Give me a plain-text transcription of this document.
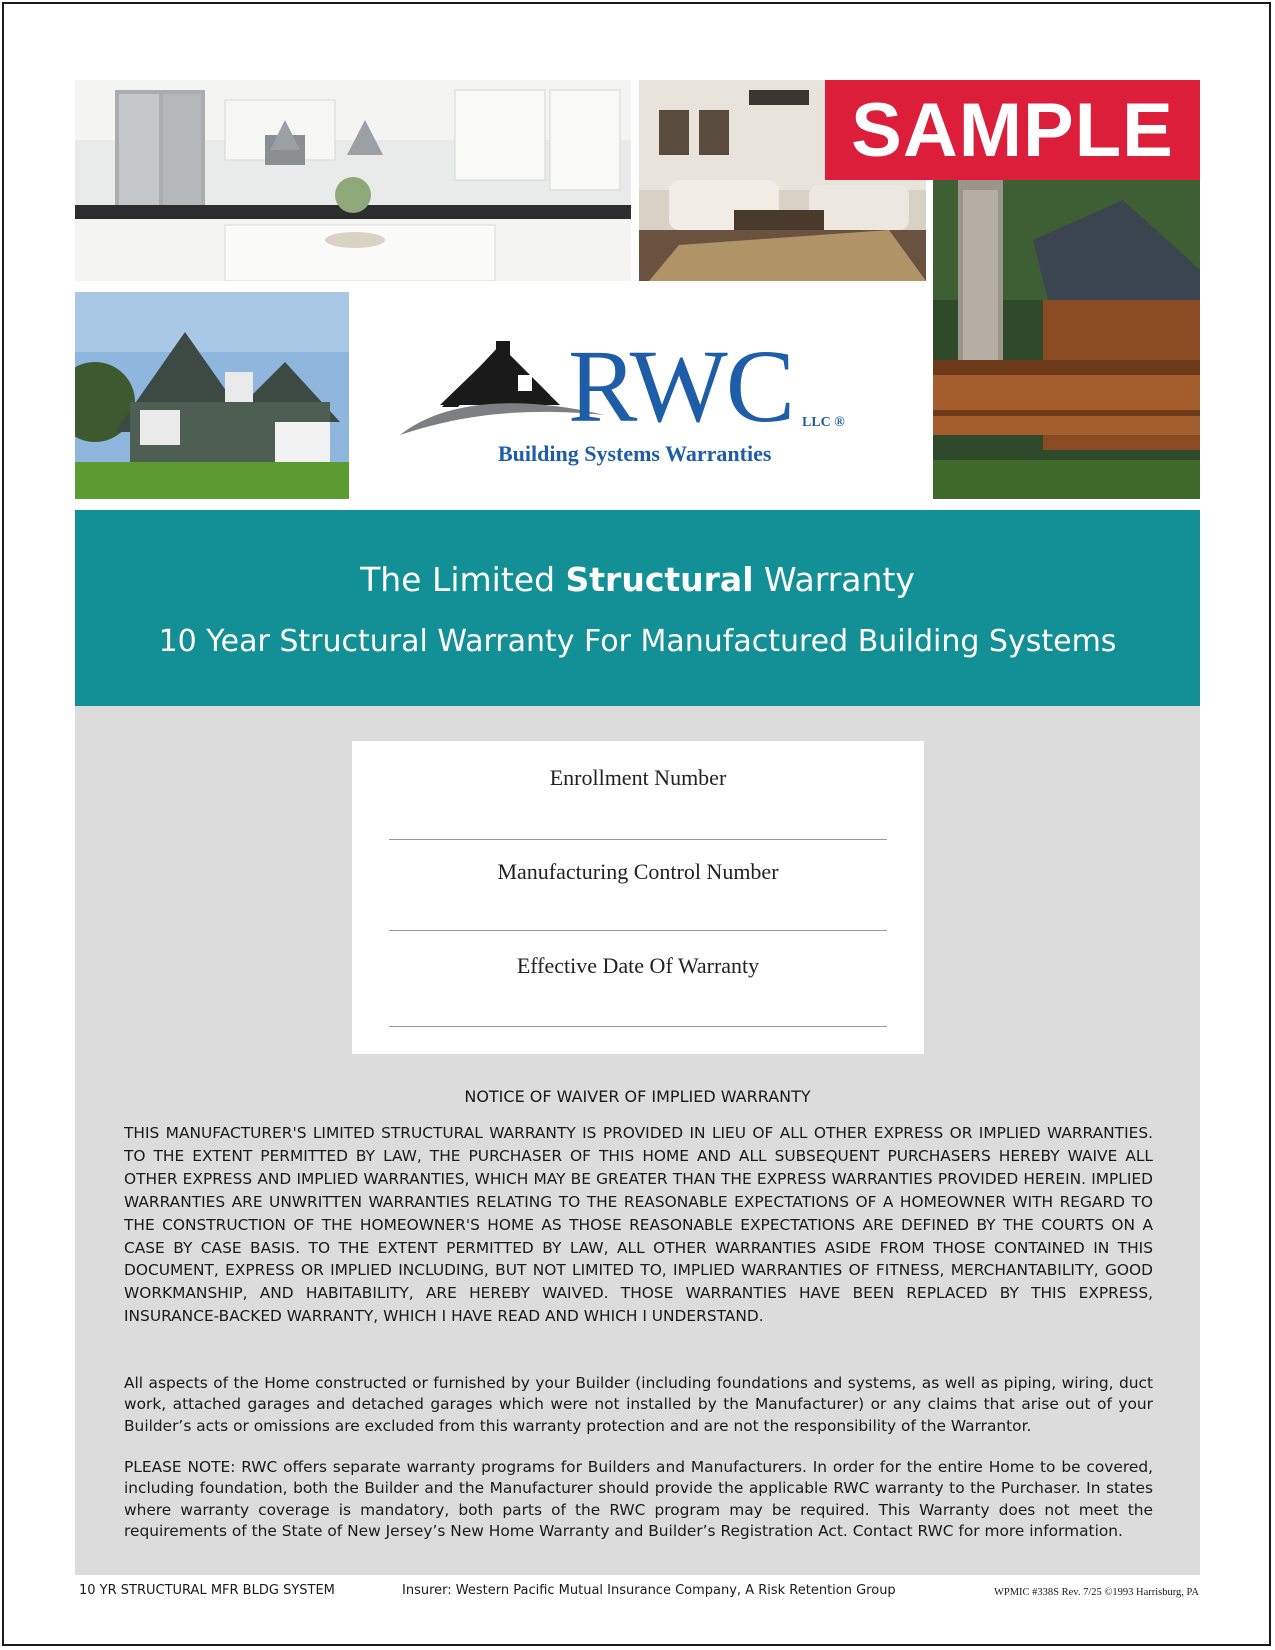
SAMPLE
RWC LLC ®
Building Systems Warranties
The Limited Structural Warranty
10 Year Structural Warranty For Manufactured Building Systems
Enrollment Number
Manufacturing Control Number
Effective Date Of Warranty
NOTICE OF WAIVER OF IMPLIED WARRANTY
THIS MANUFACTURER'S LIMITED STRUCTURAL WARRANTY IS PROVIDED IN LIEU OF ALL OTHER EXPRESS OR IMPLIED WARRANTIES. TO THE EXTENT PERMITTED BY LAW, THE PURCHASER OF THIS HOME AND ALL SUBSEQUENT PURCHASERS HEREBY WAIVE ALL OTHER EXPRESS AND IMPLIED WARRANTIES, WHICH MAY BE GREATER THAN THE EXPRESS WARRANTIES PROVIDED HEREIN. IMPLIED WARRANTIES ARE UNWRITTEN WARRANTIES RELATING TO THE REASONABLE EXPECTATIONS OF A HOMEOWNER WITH REGARD TO THE CONSTRUCTION OF THE HOMEOWNER'S HOME AS THOSE REASONABLE EXPECTATIONS ARE DEFINED BY THE COURTS ON A CASE BY CASE BASIS. TO THE EXTENT PERMITTED BY LAW, ALL OTHER WARRANTIES ASIDE FROM THOSE CONTAINED IN THIS DOCUMENT, EXPRESS OR IMPLIED INCLUDING, BUT NOT LIMITED TO, IMPLIED WARRANTIES OF FITNESS, MERCHANTABILITY, GOOD WORKMANSHIP, AND HABITABILITY, ARE HEREBY WAIVED. THOSE WARRANTIES HAVE BEEN REPLACED BY THIS EXPRESS, INSURANCE-BACKED WARRANTY, WHICH I HAVE READ AND WHICH I UNDERSTAND.
All aspects of the Home constructed or furnished by your Builder (including foundations and systems, as well as piping, wiring, duct work, attached garages and detached garages which were not installed by the Manufacturer) or any claims that arise out of your Builder’s acts or omissions are excluded from this warranty protection and are not the responsibility of the Warrantor.
PLEASE NOTE: RWC offers separate warranty programs for Builders and Manufacturers. In order for the entire Home to be covered, including foundation, both the Builder and the Manufacturer should provide the applicable RWC warranty to the Purchaser. In states where warranty coverage is mandatory, both parts of the RWC program may be required. This Warranty does not meet the requirements of the State of New Jersey’s New Home Warranty and Builder’s Registration Act. Contact RWC for more information.
10 YR STRUCTURAL MFR BLDG SYSTEM	Insurer: Western Pacific Mutual Insurance Company, A Risk Retention Group	WPMIC #338S Rev. 7/25 ©1993 Harrisburg, PA
